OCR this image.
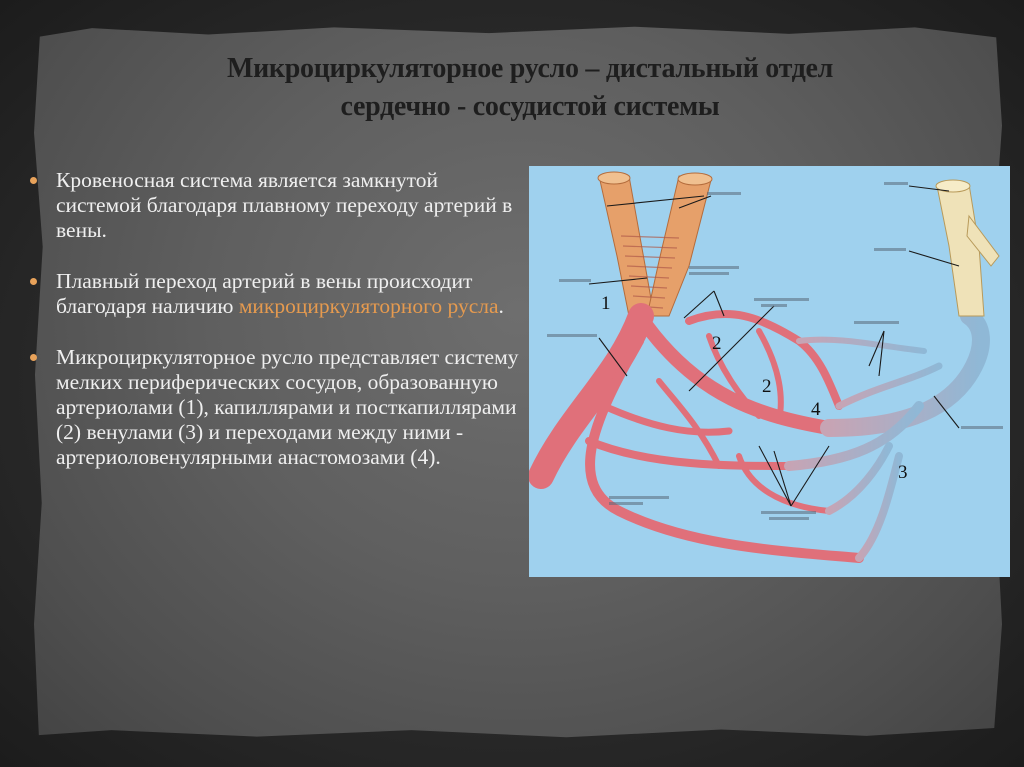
Микроциркуляторное русло – дистальный отдел
сердечно - сосудистой системы
Кровеносная система является замкнутой системой благодаря плавному переходу артерий в вены.
Плавный переход артерий в вены происходит благодаря наличию микроциркуляторного русла.
Микроциркуляторное русло представляет систему мелких периферических сосудов, образованную артериолами (1), капиллярами и посткапиллярами (2) венулами (3) и переходами между ними - артериоловенулярными анастомозами (4).
1
2
2
4
3
